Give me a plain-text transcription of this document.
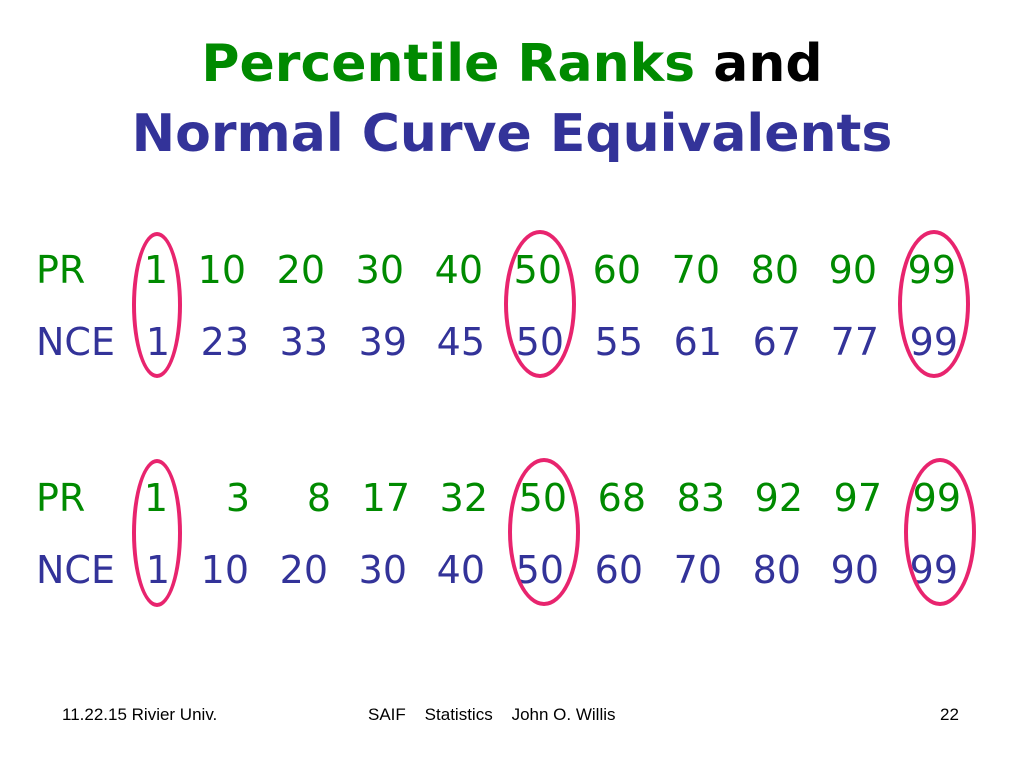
Percentile Ranks and
Normal Curve Equivalents
PR	1 10 20 30 40 50 60 70 80 90 99
NCE 1 23 33 39 45 50 55 61 67 77 99
PR	1	3	8 17 32 50 68 83 92 97 99
NCE 1 10 20 30 40 50 60 70 80 90 99
11.22.15 Rivier Univ.	SAIF    Statistics    John O. Willis	22
